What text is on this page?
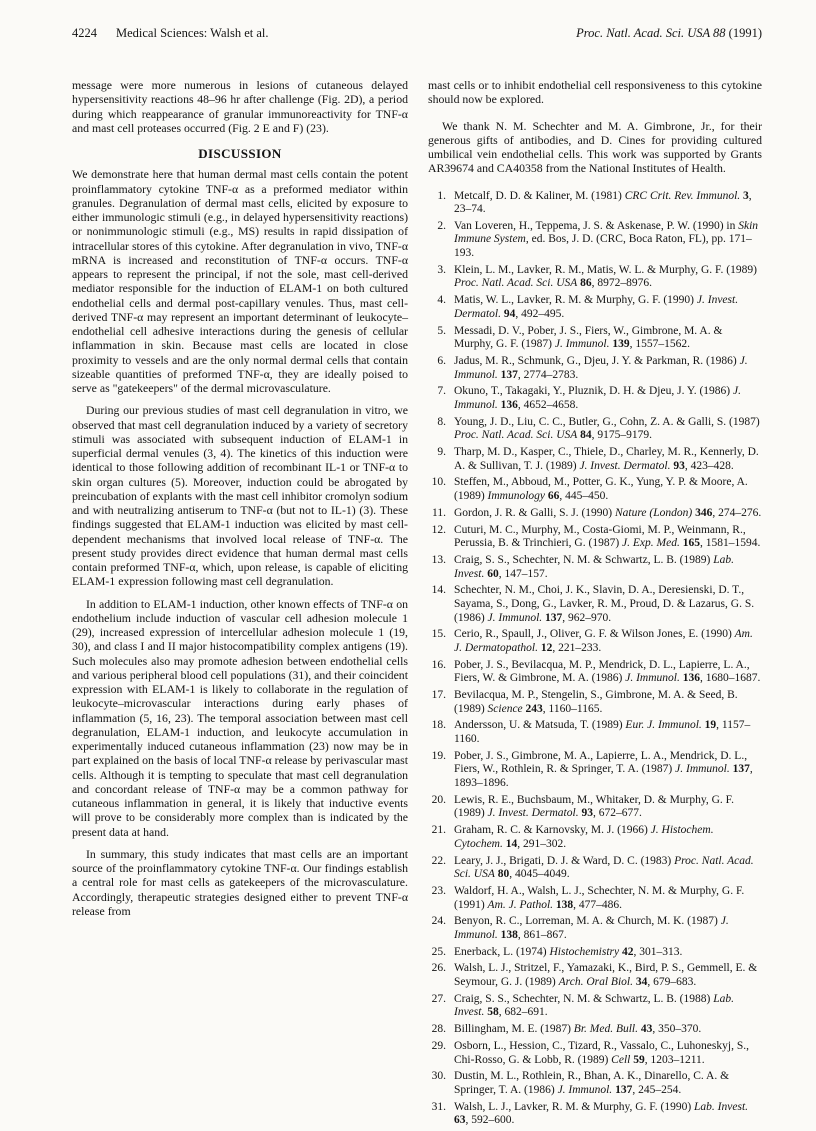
4224 Medical Sciences: Walsh et al.	Proc. Natl. Acad. Sci. USA 88 (1991)

message were more numerous in lesions of cutaneous delayed hypersensitivity reactions 48–96 hr after challenge (Fig. 2D), a period during which reappearance of granular immunoreactivity for TNF-α and mast cell proteases occurred (Fig. 2 E and F) (23).

DISCUSSION

We demonstrate here that human dermal mast cells contain the potent proinflammatory cytokine TNF-α as a preformed mediator within granules. Degranulation of dermal mast cells, elicited by exposure to either immunologic stimuli (e.g., in delayed hypersensitivity reactions) or nonimmunologic stimuli (e.g., MS) results in rapid dissipation of intracellular stores of this cytokine. After degranulation in vivo, TNF-α mRNA is increased and reconstitution of TNF-α occurs. TNF-α appears to represent the principal, if not the sole, mast cell-derived mediator responsible for the induction of ELAM-1 on both cultured endothelial cells and dermal post-capillary venules. Thus, mast cell-derived TNF-α may represent an important determinant of leukocyte–endothelial cell adhesive interactions during the genesis of cellular inflammation in skin. Because mast cells are located in close proximity to vessels and are the only normal dermal cells that contain sizeable quantities of preformed TNF-α, they are ideally poised to serve as "gatekeepers" of the dermal microvasculature.

During our previous studies of mast cell degranulation in vitro, we observed that mast cell degranulation induced by a variety of secretory stimuli was associated with subsequent induction of ELAM-1 in superficial dermal venules (3, 4). The kinetics of this induction were identical to those following addition of recombinant IL-1 or TNF-α to skin organ cultures (5). Moreover, induction could be abrogated by preincubation of explants with the mast cell inhibitor cromolyn sodium and with neutralizing antiserum to TNF-α (but not to IL-1) (3). These findings suggested that ELAM-1 induction was elicited by mast cell-dependent mechanisms that involved local release of TNF-α. The present study provides direct evidence that human dermal mast cells contain preformed TNF-α, which, upon release, is capable of eliciting ELAM-1 expression following mast cell degranulation.

In addition to ELAM-1 induction, other known effects of TNF-α on endothelium include induction of vascular cell adhesion molecule 1 (29), increased expression of intercellular adhesion molecule 1 (19, 30), and class I and II major histocompatibility complex antigens (19). Such molecules also may promote adhesion between endothelial cells and various peripheral blood cell populations (31), and their coincident expression with ELAM-1 is likely to collaborate in the regulation of leukocyte–microvascular interactions during early phases of inflammation (5, 16, 23). The temporal association between mast cell degranulation, ELAM-1 induction, and leukocyte accumulation in experimentally induced cutaneous inflammation (23) now may be in part explained on the basis of local TNF-α release by perivascular mast cells. Although it is tempting to speculate that mast cell degranulation and concordant release of TNF-α may be a common pathway for cutaneous inflammation in general, it is likely that inductive events will prove to be considerably more complex than is indicated by the present data at hand.

In summary, this study indicates that mast cells are an important source of the proinflammatory cytokine TNF-α. Our findings establish a central role for mast cells as gatekeepers of the microvasculature. Accordingly, therapeutic strategies designed either to prevent TNF-α release from

mast cells or to inhibit endothelial cell responsiveness to this cytokine should now be explored.

We thank N. M. Schechter and M. A. Gimbrone, Jr., for their generous gifts of antibodies, and D. Cines for providing cultured umbilical vein endothelial cells. This work was supported by Grants AR39674 and CA40358 from the National Institutes of Health.

1. Metcalf, D. D. & Kaliner, M. (1981) CRC Crit. Rev. Immunol. 3, 23–74.
2. Van Loveren, H., Teppema, J. S. & Askenase, P. W. (1990) in Skin Immune System, ed. Bos, J. D. (CRC, Boca Raton, FL), pp. 171–193.
3. Klein, L. M., Lavker, R. M., Matis, W. L. & Murphy, G. F. (1989) Proc. Natl. Acad. Sci. USA 86, 8972–8976.
4. Matis, W. L., Lavker, R. M. & Murphy, G. F. (1990) J. Invest. Dermatol. 94, 492–495.
5. Messadi, D. V., Pober, J. S., Fiers, W., Gimbrone, M. A. & Murphy, G. F. (1987) J. Immunol. 139, 1557–1562.
6. Jadus, M. R., Schmunk, G., Djeu, J. Y. & Parkman, R. (1986) J. Immunol. 137, 2774–2783.
7. Okuno, T., Takagaki, Y., Pluznik, D. H. & Djeu, J. Y. (1986) J. Immunol. 136, 4652–4658.
8. Young, J. D., Liu, C. C., Butler, G., Cohn, Z. A. & Galli, S. (1987) Proc. Natl. Acad. Sci. USA 84, 9175–9179.
9. Tharp, M. D., Kasper, C., Thiele, D., Charley, M. R., Kennerly, D. A. & Sullivan, T. J. (1989) J. Invest. Dermatol. 93, 423–428.
10. Steffen, M., Abboud, M., Potter, G. K., Yung, Y. P. & Moore, A. (1989) Immunology 66, 445–450.
11. Gordon, J. R. & Galli, S. J. (1990) Nature (London) 346, 274–276.
12. Cuturi, M. C., Murphy, M., Costa-Giomi, M. P., Weinmann, R., Perussia, B. & Trinchieri, G. (1987) J. Exp. Med. 165, 1581–1594.
13. Craig, S. S., Schechter, N. M. & Schwartz, L. B. (1989) Lab. Invest. 60, 147–157.
14. Schechter, N. M., Choi, J. K., Slavin, D. A., Deresienski, D. T., Sayama, S., Dong, G., Lavker, R. M., Proud, D. & Lazarus, G. S. (1986) J. Immunol. 137, 962–970.
15. Cerio, R., Spaull, J., Oliver, G. F. & Wilson Jones, E. (1990) Am. J. Dermatopathol. 12, 221–233.
16. Pober, J. S., Bevilacqua, M. P., Mendrick, D. L., Lapierre, L. A., Fiers, W. & Gimbrone, M. A. (1986) J. Immunol. 136, 1680–1687.
17. Bevilacqua, M. P., Stengelin, S., Gimbrone, M. A. & Seed, B. (1989) Science 243, 1160–1165.
18. Andersson, U. & Matsuda, T. (1989) Eur. J. Immunol. 19, 1157–1160.
19. Pober, J. S., Gimbrone, M. A., Lapierre, L. A., Mendrick, D. L., Fiers, W., Rothlein, R. & Springer, T. A. (1987) J. Immunol. 137, 1893–1896.
20. Lewis, R. E., Buchsbaum, M., Whitaker, D. & Murphy, G. F. (1989) J. Invest. Dermatol. 93, 672–677.
21. Graham, R. C. & Karnovsky, M. J. (1966) J. Histochem. Cytochem. 14, 291–302.
22. Leary, J. J., Brigati, D. J. & Ward, D. C. (1983) Proc. Natl. Acad. Sci. USA 80, 4045–4049.
23. Waldorf, H. A., Walsh, L. J., Schechter, N. M. & Murphy, G. F. (1991) Am. J. Pathol. 138, 477–486.
24. Benyon, R. C., Lorreman, M. A. & Church, M. K. (1987) J. Immunol. 138, 861–867.
25. Enerback, L. (1974) Histochemistry 42, 301–313.
26. Walsh, L. J., Stritzel, F., Yamazaki, K., Bird, P. S., Gemmell, E. & Seymour, G. J. (1989) Arch. Oral Biol. 34, 679–683.
27. Craig, S. S., Schechter, N. M. & Schwartz, L. B. (1988) Lab. Invest. 58, 682–691.
28. Billingham, M. E. (1987) Br. Med. Bull. 43, 350–370.
29. Osborn, L., Hession, C., Tizard, R., Vassalo, C., Luhoneskyj, S., Chi-Rosso, G. & Lobb, R. (1989) Cell 59, 1203–1211.
30. Dustin, M. L., Rothlein, R., Bhan, A. K., Dinarello, C. A. & Springer, T. A. (1986) J. Immunol. 137, 245–254.
31. Walsh, L. J., Lavker, R. M. & Murphy, G. F. (1990) Lab. Invest. 63, 592–600.
